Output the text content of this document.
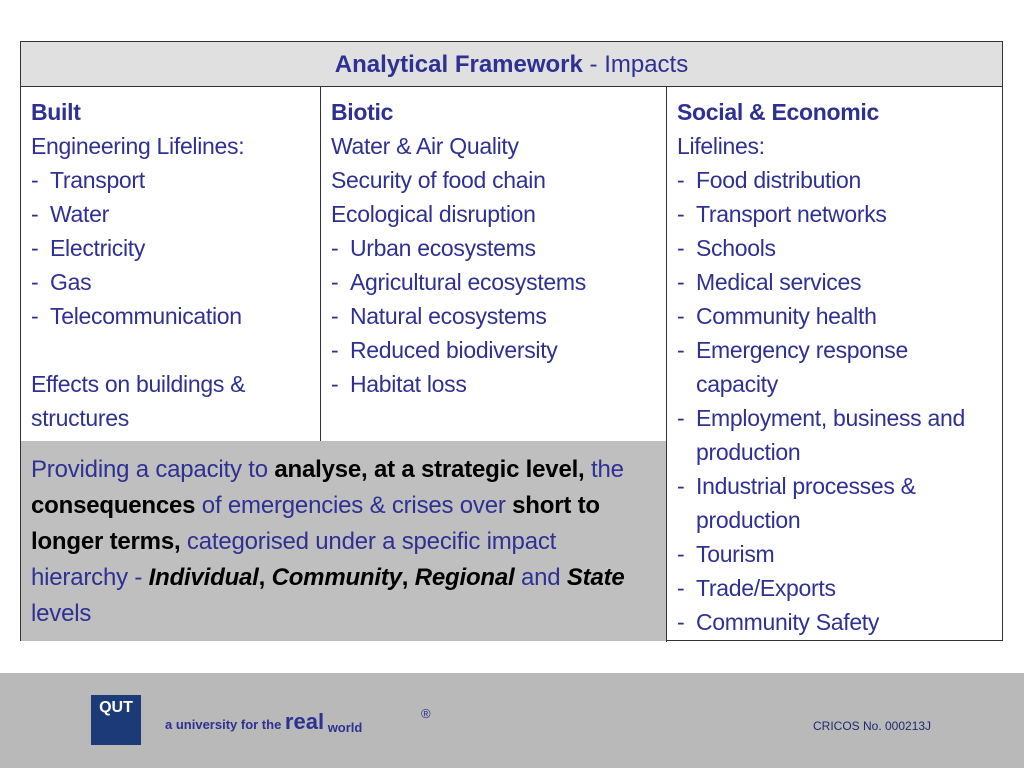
Analytical Framework - Impacts
Built
Engineering Lifelines:
- Transport
- Water
- Electricity
- Gas
- Telecommunication
Effects on buildings &
structures
Biotic
Water & Air Quality
Security of food chain
Ecological disruption
- Urban ecosystems
- Agricultural ecosystems
- Natural ecosystems
- Reduced biodiversity
- Habitat loss
Social & Economic
Lifelines:
- Food distribution
- Transport networks
- Schools
- Medical services
- Community health
- Emergency response capacity
- Employment, business and production
- Industrial processes & production
- Tourism
- Trade/Exports
- Community Safety
Providing a capacity to analyse, at a strategic level, the consequences of emergencies & crises over short to longer terms, categorised under a specific impact hierarchy - Individual, Community, Regional and State levels
QUT
a university for the real world
®
CRICOS No. 000213J
